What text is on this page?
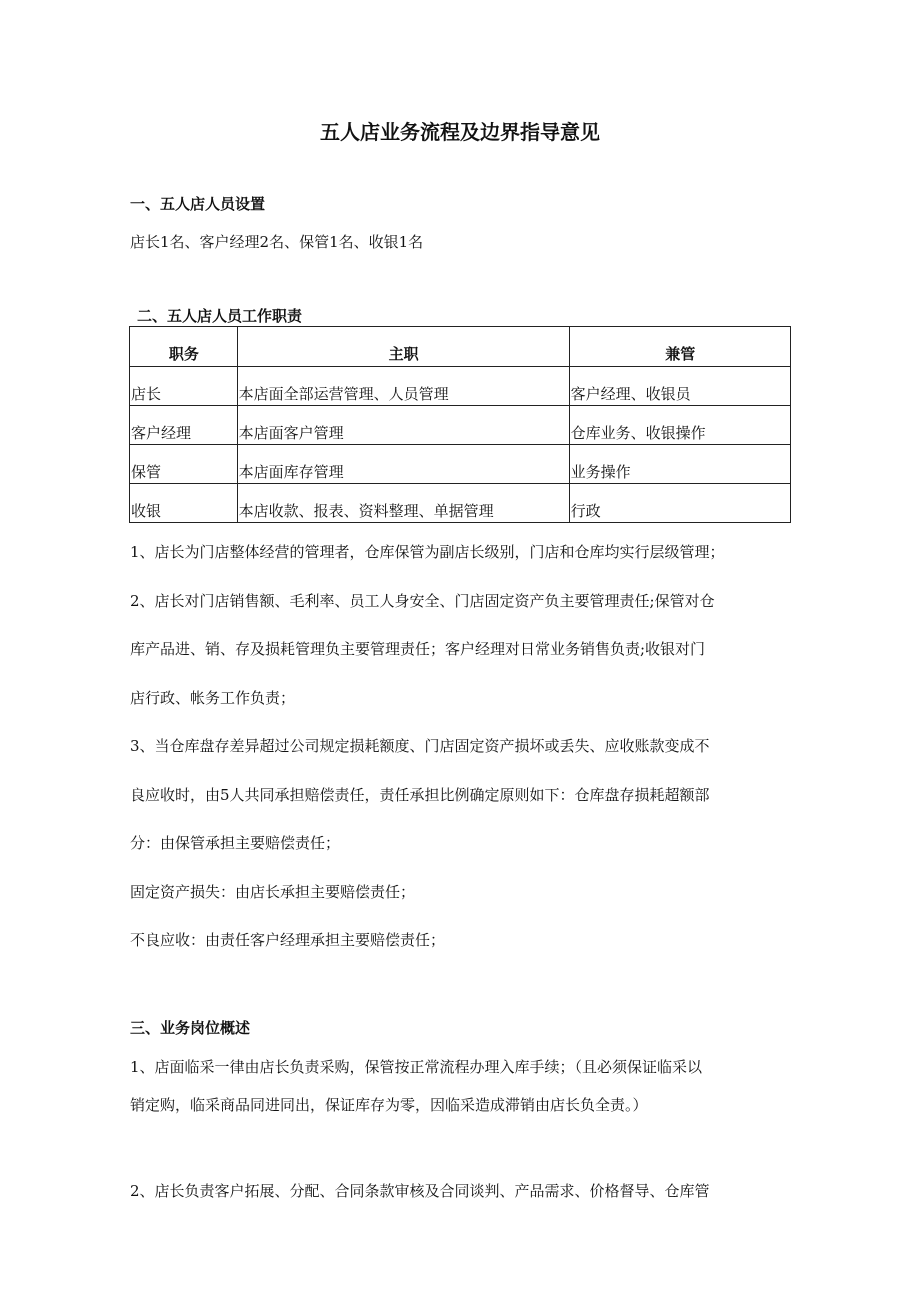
五人店业务流程及边界指导意见
一、五人店人员设置
店长1名、客户经理2名、保管1名、收银1名
二、五人店人员工作职责
职务	主职	兼管
店长	本店面全部运营管理、人员管理	客户经理、收银员
客户经理	本店面客户管理	仓库业务、收银操作
保管	本店面库存管理	业务操作
收银	本店收款、报表、资料整理、单据管理	行政
1、店长为门店整体经营的管理者，仓库保管为副店长级别，门店和仓库均实行层级管理；
2、店长对门店销售额、毛利率、员工人身安全、门店固定资产负主要管理责任;保管对仓
库产品进、销、存及损耗管理负主要管理责任；客户经理对日常业务销售负责;收银对门
店行政、帐务工作负责；
3、当仓库盘存差异超过公司规定损耗额度、门店固定资产损坏或丢失、应收账款变成不
良应收时，由5人共同承担赔偿责任，责任承担比例确定原则如下：仓库盘存损耗超额部
分：由保管承担主要赔偿责任；
固定资产损失：由店长承担主要赔偿责任；
不良应收：由责任客户经理承担主要赔偿责任；
三、业务岗位概述
1、店面临采一律由店长负责采购，保管按正常流程办理入库手续；（且必须保证临采以
销定购，临采商品同进同出，保证库存为零，因临采造成滞销由店长负全责。）
2、店长负责客户拓展、分配、合同条款审核及合同谈判、产品需求、价格督导、仓库管
